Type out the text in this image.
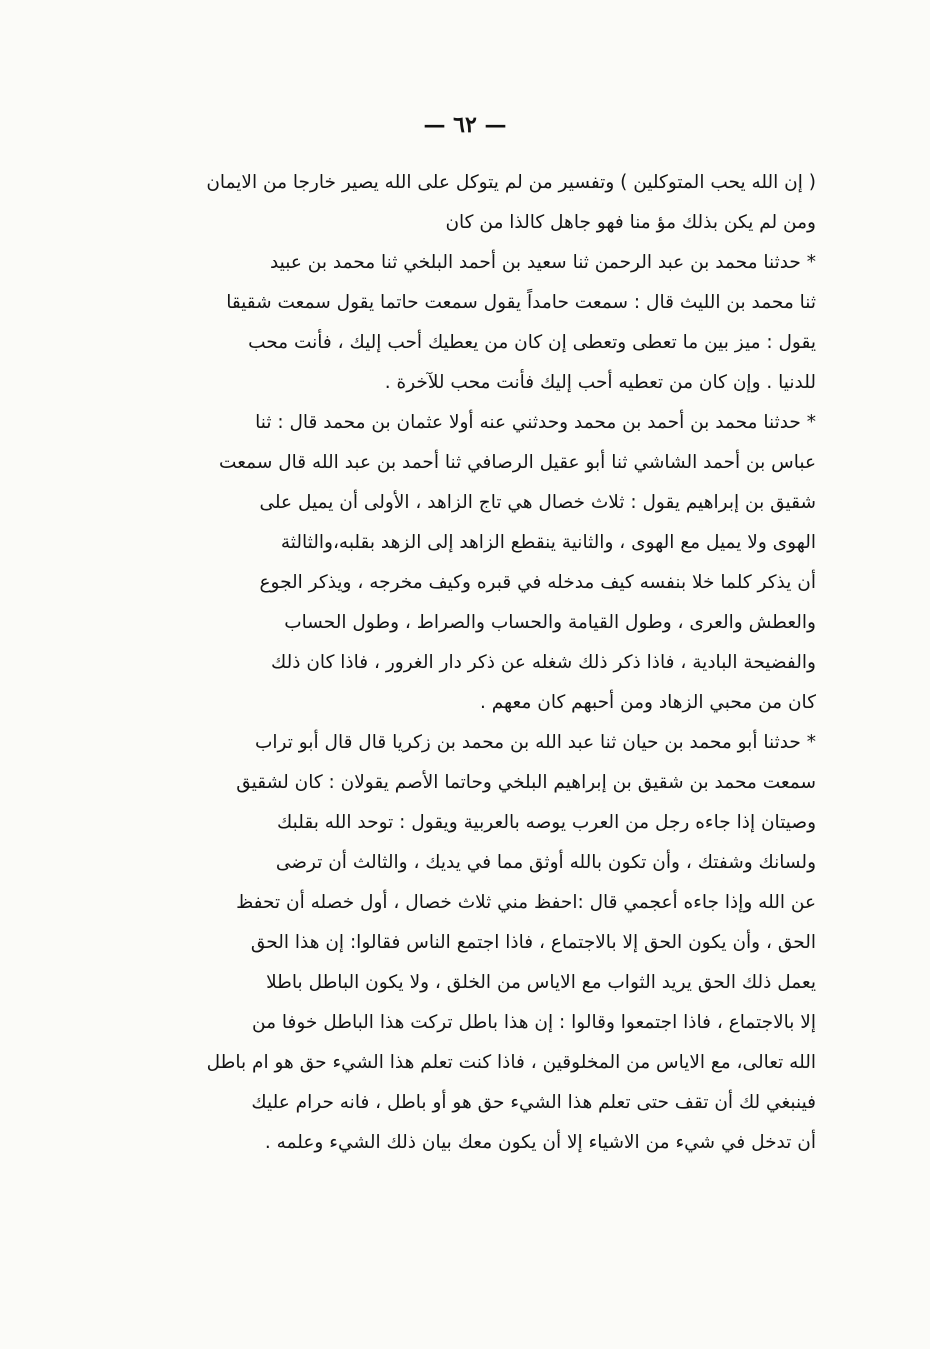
— ٦٢ —

( إن الله يحب المتوكلين ) وتفسير من لم يتوكل على الله يصير خارجا من الايمان
ومن لم يكن بذلك مؤ منا فهو جاهل كالذا من كان

* حدثنا محمد بن عبد الرحمن ثنا سعيد بن أحمد البلخي ثنا محمد بن عبيد
ثنا محمد بن الليث قال : سمعت حامداً يقول سمعت حاتما يقول سمعت شقيقا
يقول : ميز بين ما تعطى وتعطى إن كان من يعطيك أحب إليك ، فأنت محب
للدنيا . وإن كان من تعطيه أحب إليك فأنت محب للآخرة .

* حدثنا محمد بن أحمد بن محمد وحدثني عنه أولا عثمان بن محمد قال : ثنا
عباس بن أحمد الشاشي ثنا أبو عقيل الرصافي ثنا أحمد بن عبد الله قال سمعت
شقيق بن إبراهيم يقول : ثلاث خصال هي تاج الزاهد ، الأولى أن يميل على
الهوى ولا يميل مع الهوى ، والثانية ينقطع الزاهد إلى الزهد بقلبه،والثالثة
أن يذكر كلما خلا بنفسه كيف مدخله في قبره وكيف مخرجه ، ويذكر الجوع
والعطش والعرى ، وطول القيامة والحساب والصراط ، وطول الحساب
والفضيحة البادية ، فاذا ذكر ذلك شغله عن ذكر دار الغرور ، فاذا كان ذلك
كان من محبي الزهاد ومن أحبهم كان معهم .

* حدثنا أبو محمد بن حيان ثنا عبد الله بن محمد بن زكريا قال قال أبو تراب
سمعت محمد بن شقيق بن إبراهيم البلخي وحاتما الأصم يقولان : كان لشقيق
وصيتان إذا جاءه رجل من العرب يوصه بالعربية ويقول : توحد الله بقلبك
ولسانك وشفتك ، وأن تكون بالله أوثق مما في يديك ، والثالث أن ترضى
عن الله وإذا جاءه أعجمي قال :احفظ مني ثلاث خصال ، أول خصله أن تحفظ
الحق ، وأن يكون الحق إلا بالاجتماع ، فاذا اجتمع الناس فقالوا: إن هذا الحق
يعمل ذلك الحق يريد الثواب مع الاياس من الخلق ، ولا يكون الباطل باطلا
إلا بالاجتماع ، فاذا اجتمعوا وقالوا : إن هذا باطل تركت هذا الباطل خوفا من
الله تعالى، مع الاياس من المخلوقين ، فاذا كنت تعلم هذا الشيء حق هو ام باطل
فينبغي لك أن تقف حتى تعلم هذا الشيء حق هو أو باطل ، فانه حرام عليك
أن تدخل في شيء من الاشياء إلا أن يكون معك بيان ذلك الشيء وعلمه .
